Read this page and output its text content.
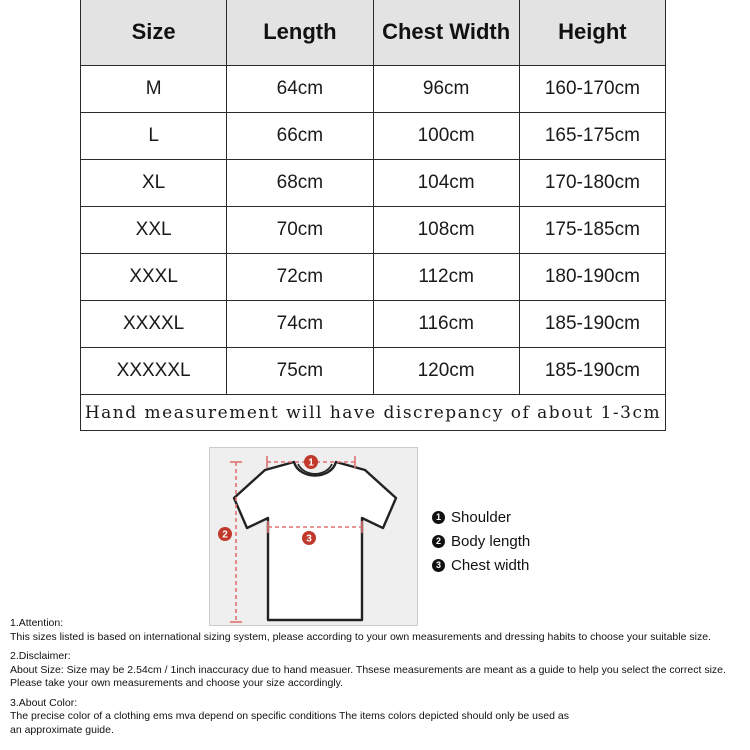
Size	Length	Chest Width	Height
M	64cm	96cm	160-170cm
L	66cm	100cm	165-175cm
XL	68cm	104cm	170-180cm
XXL	70cm	108cm	175-185cm
XXXL	72cm	112cm	180-190cm
XXXXL	74cm	116cm	185-190cm
XXXXXL	75cm	120cm	185-190cm
Hand measurement will have discrepancy of about 1-3cm			
1
2	3
1 Shoulder
2 Body length
3 Chest width

1.Attention:

This sizes listed is based on international sizing system, please according to your own measurements and dressing habits to choose your suitable size.

2.Disclaimer:

About Size: Size may be 2.54cm / 1inch inaccuracy due to hand measuer. Thsese measurements are meant as a guide to help you select the correct size.

Please take your own measurements and choose your size accordingly.

3.About Color:

The precise color of a clothing ems mva depend on specific conditions The items colors depicted should only be used as

an approximate guide.
